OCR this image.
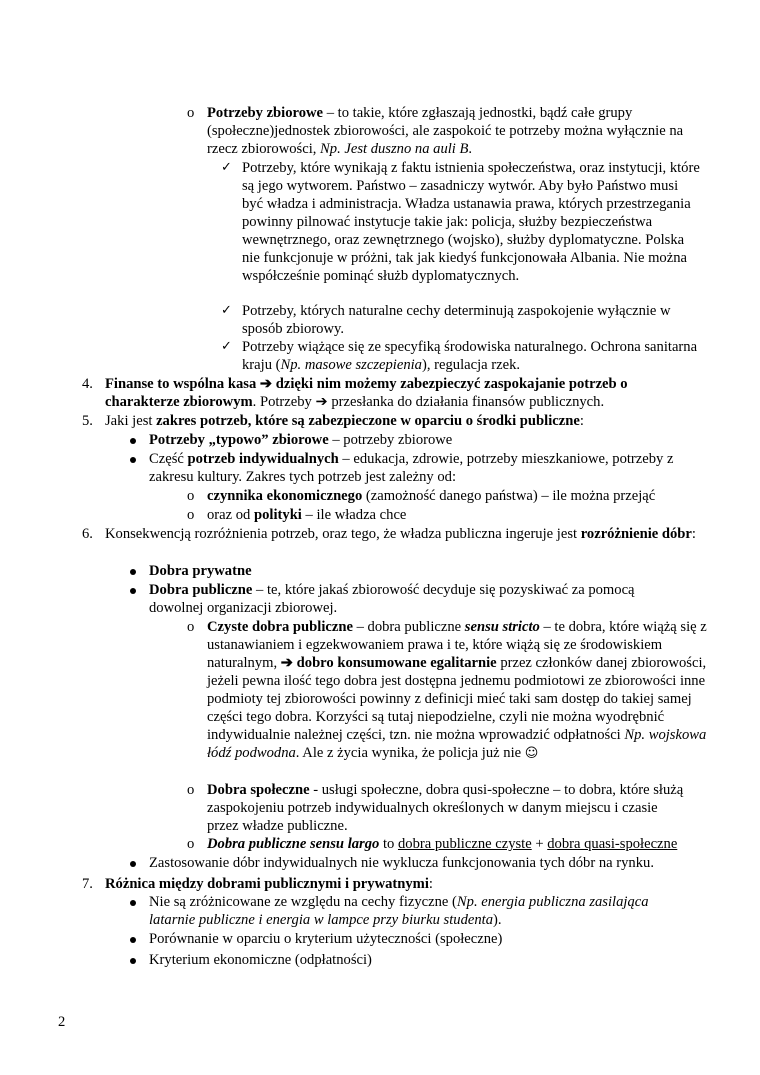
o Potrzeby zbiorowe – to takie, które zgłaszają jednostki, bądź całe grupy (społeczne)jednostek zbiorowości, ale zaspokoić te potrzeby można wyłącznie na rzecz zbiorowości, Np. Jest duszno na auli B.
✓ Potrzeby, które wynikają z faktu istnienia społeczeństwa, oraz instytucji, które są jego wytworem. Państwo – zasadniczy wytwór. Aby było Państwo musi być władza i administracja. Władza ustanawia prawa, których przestrzegania powinny pilnować instytucje takie jak: policja, służby bezpieczeństwa wewnętrznego, oraz zewnętrznego (wojsko), służby dyplomatyczne. Polska nie funkcjonuje w próżni, tak jak kiedyś funkcjonowała Albania. Nie można współcześnie pominąć służb dyplomatycznych.
✓ Potrzeby, których naturalne cechy determinują zaspokojenie wyłącznie w sposób zbiorowy.
✓ Potrzeby wiążące się ze specyfiką środowiska naturalnego. Ochrona sanitarna kraju (Np. masowe szczepienia), regulacja rzek.
4. Finanse to wspólna kasa ➔ dzięki nim możemy zabezpieczyć zaspokajanie potrzeb o charakterze zbiorowym. Potrzeby ➔ przesłanka do działania finansów publicznych.
5. Jaki jest zakres potrzeb, które są zabezpieczone w oparciu o środki publiczne:
Potrzeby „typowo” zbiorowe – potrzeby zbiorowe
Część potrzeb indywidualnych – edukacja, zdrowie, potrzeby mieszkaniowe, potrzeby z zakresu kultury. Zakres tych potrzeb jest zależny od:
o czynnika ekonomicznego (zamożność danego państwa) – ile można przejąć
o oraz od polityki – ile władza chce
6. Konsekwencją rozróżnienia potrzeb, oraz tego, że władza publiczna ingeruje jest rozróżnienie dóbr:
Dobra prywatne
Dobra publiczne – te, które jakaś zbiorowość decyduje się pozyskiwać za pomocą dowolnej organizacji zbiorowej.
o Czyste dobra publiczne – dobra publiczne sensu stricto – te dobra, które wiążą się z ustanawianiem i egzekwowaniem prawa i te, które wiążą się ze środowiskiem naturalnym, ➔ dobro konsumowane egalitarnie przez członków danej zbiorowości, jeżeli pewna ilość tego dobra jest dostępna jednemu podmiotowi ze zbiorowości inne podmioty tej zbiorowości powinny z definicji mieć taki sam dostęp do takiej samej części tego dobra. Korzyści są tutaj niepodzielne, czyli nie można wyodrębnić indywidualnie należnej części, tzn. nie można wprowadzić odpłatności Np. wojskowa łódź podwodna. Ale z życia wynika, że policja już nie ☺
o Dobra społeczne - usługi społeczne, dobra qusi-społeczne – to dobra, które służą zaspokojeniu potrzeb indywidualnych określonych w danym miejscu i czasie przez władze publiczne.
o Dobra publiczne sensu largo to dobra publiczne czyste + dobra quasi-społeczne
Zastosowanie dóbr indywidualnych nie wyklucza funkcjonowania tych dóbr na rynku.
7. Różnica między dobrami publicznymi i prywatnymi:
Nie są zróżnicowane ze względu na cechy fizyczne (Np. energia publiczna zasilająca latarnie publiczne i energia w lampce przy biurku studenta).
Porównanie w oparciu o kryterium użyteczności (społeczne)
Kryterium ekonomiczne (odpłatności)
2
